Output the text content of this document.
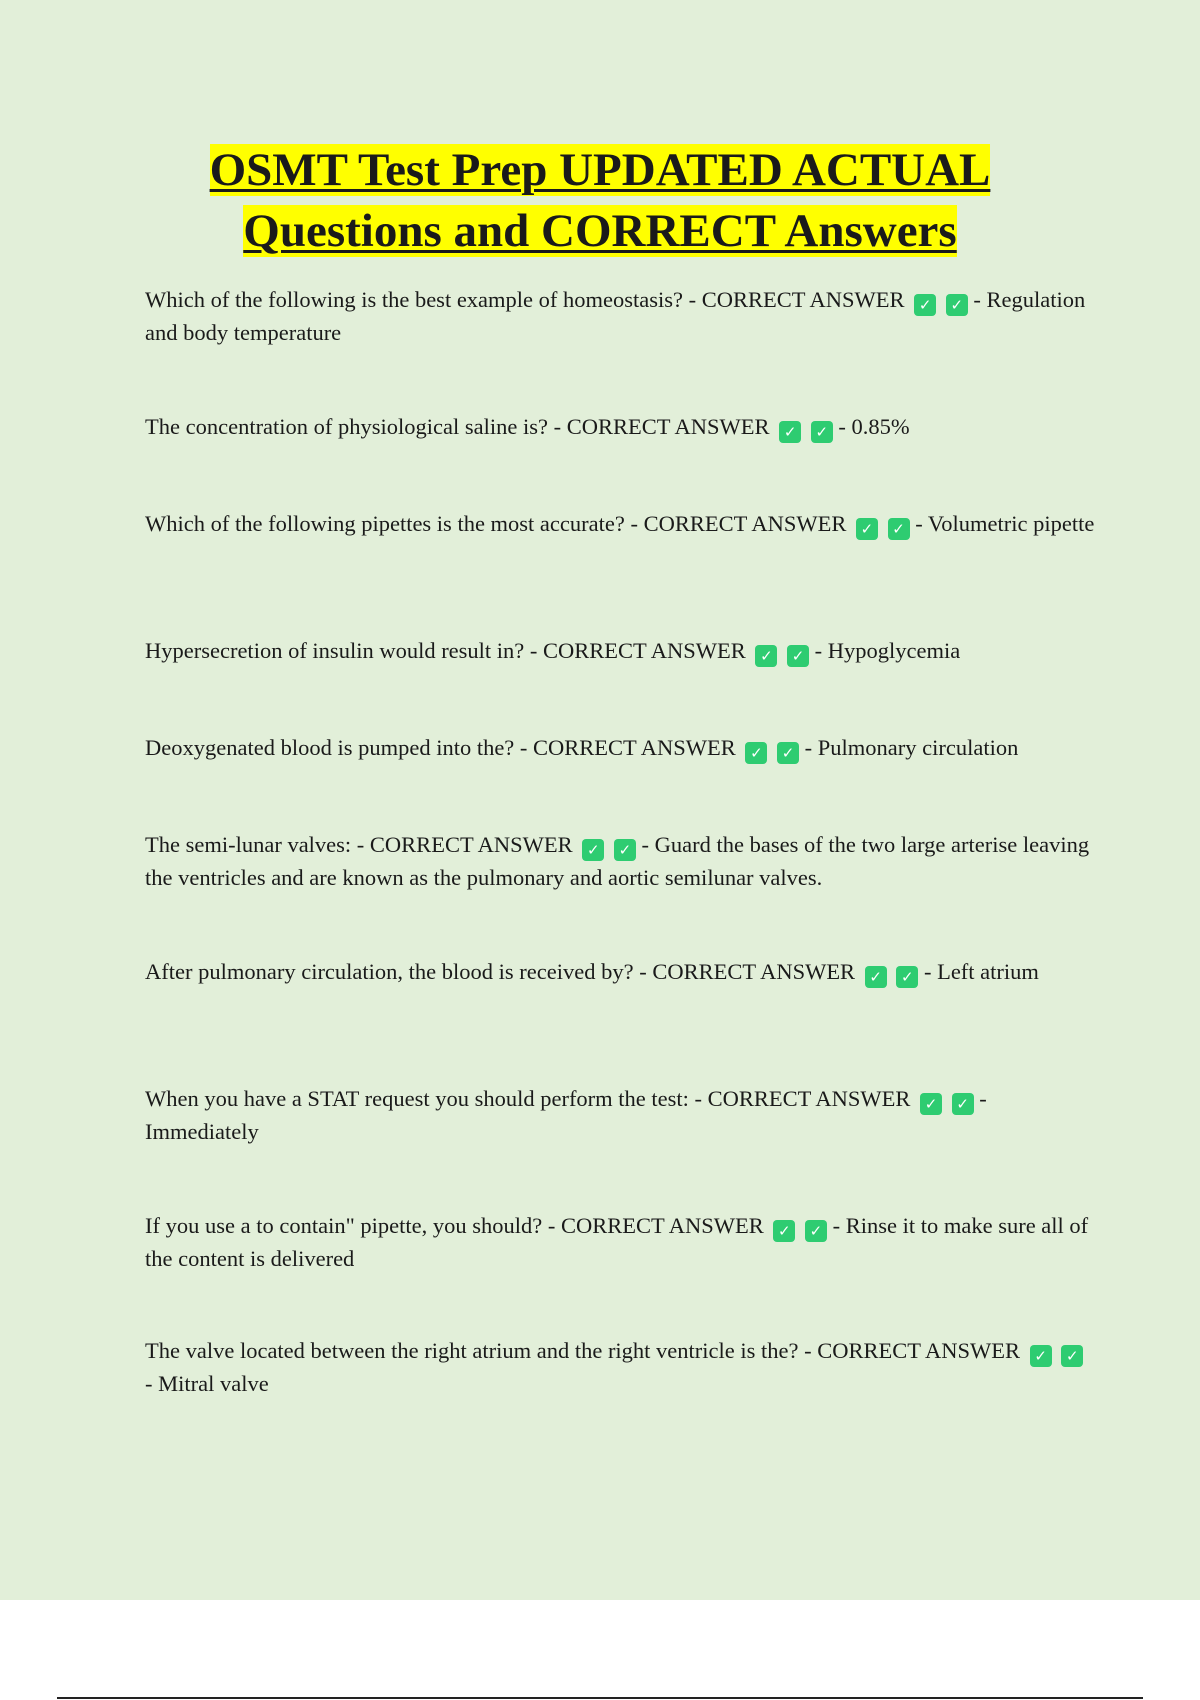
OSMT Test Prep UPDATED ACTUAL
Questions and CORRECT Answers

Which of the following is the best example of homeostasis? - CORRECT ANSWER ✓ ✓ - Regulation and body temperature

The concentration of physiological saline is? - CORRECT ANSWER ✓ ✓ - 0.85%

Which of the following pipettes is the most accurate? - CORRECT ANSWER ✓ ✓ - Volumetric pipette

Hypersecretion of insulin would result in? - CORRECT ANSWER ✓ ✓ - Hypoglycemia

Deoxygenated blood is pumped into the? - CORRECT ANSWER ✓ ✓ - Pulmonary circulation

The semi-lunar valves: - CORRECT ANSWER ✓ ✓ - Guard the bases of the two large arterise leaving the ventricles and are known as the pulmonary and aortic semilunar valves.

After pulmonary circulation, the blood is received by? - CORRECT ANSWER ✓ ✓ - Left atrium

When you have a STAT request you should perform the test: - CORRECT ANSWER ✓ ✓ - Immediately

If you use a to contain" pipette, you should? - CORRECT ANSWER ✓ ✓ - Rinse it to make sure all of the content is delivered

The valve located between the right atrium and the right ventricle is the? - CORRECT ANSWER ✓ ✓ - Mitral valve
